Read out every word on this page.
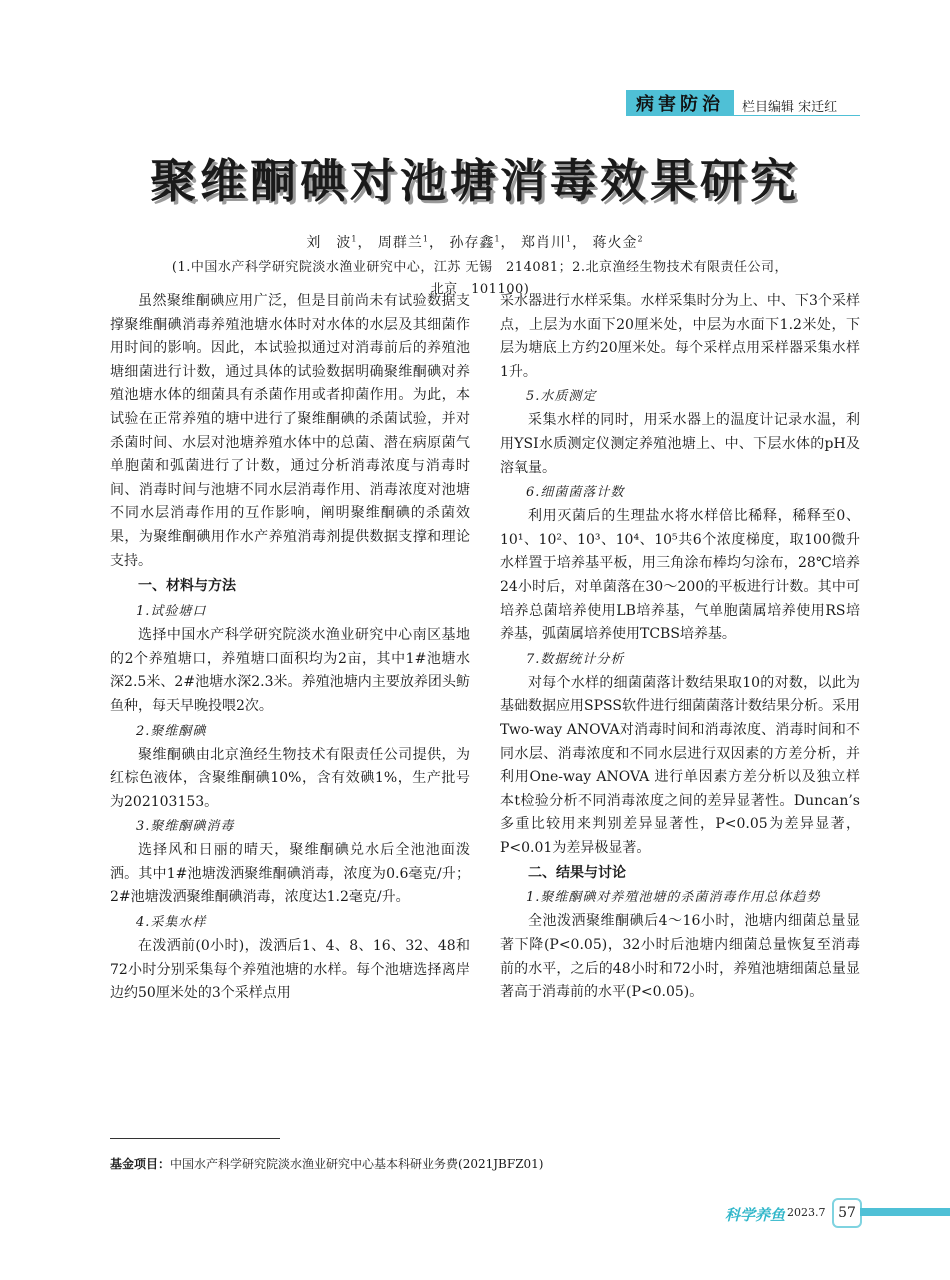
病害防治	栏目编辑 宋迁红
聚维酮碘对池塘消毒效果研究
刘　波$^1$， 周群兰$^1$， 孙存鑫$^1$， 郑肖川$^1$， 蒋火金$^2$
(1.中国水产科学研究院淡水渔业研究中心，江苏 无锡　214081；2.北京渔经生物技术有限责任公司，
北京　101100)

虽然聚维酮碘应用广泛，但是目前尚未有试验数据支撑聚维酮碘消毒养殖池塘水体时对水体的水层及其细菌作用时间的影响。因此，本试验拟通过对消毒前后的养殖池塘细菌进行计数，通过具体的试验数据明确聚维酮碘对养殖池塘水体的细菌具有杀菌作用或者抑菌作用。为此，本试验在正常养殖的塘中进行了聚维酮碘的杀菌试验，并对杀菌时间、水层对池塘养殖水体中的总菌、潜在病原菌气单胞菌和弧菌进行了计数，通过分析消毒浓度与消毒时间、消毒时间与池塘不同水层消毒作用、消毒浓度对池塘不同水层消毒作用的互作影响，阐明聚维酮碘的杀菌效果，为聚维酮碘用作水产养殖消毒剂提供数据支撑和理论支持。

一、材料与方法
1.试验塘口

选择中国水产科学研究院淡水渔业研究中心南区基地的2个养殖塘口，养殖塘口面积均为2亩，其中1#池塘水深2.5米、2#池塘水深2.3米。养殖池塘内主要放养团头鲂鱼种，每天早晚投喂2次。

2.聚维酮碘

聚维酮碘由北京渔经生物技术有限责任公司提供，为红棕色液体，含聚维酮碘10%，含有效碘1%，生产批号为202103153。

3.聚维酮碘消毒

选择风和日丽的晴天，聚维酮碘兑水后全池池面泼洒。其中1#池塘泼洒聚维酮碘消毒，浓度为0.6毫克/升；2#池塘泼洒聚维酮碘消毒，浓度达1.2毫克/升。

4.采集水样

在泼洒前(0小时)，泼洒后1、4、8、16、32、48和72小时分别采集每个养殖池塘的水样。每个池塘选择离岸边约50厘米处的3个采样点用

采水器进行水样采集。水样采集时分为上、中、下3个采样点，上层为水面下20厘米处，中层为水面下1.2米处，下层为塘底上方约20厘米处。每个采样点用采样器采集水样1升。

5.水质测定

采集水样的同时，用采水器上的温度计记录水温，利用YSI水质测定仪测定养殖池塘上、中、下层水体的pH及溶氧量。

6.细菌菌落计数

利用灭菌后的生理盐水将水样倍比稀释，稀释至0、10¹、10²、10³、10⁴、10⁵共6个浓度梯度，取100微升水样置于培养基平板，用三角涂布棒均匀涂布，28℃培养24小时后，对单菌落在30～200的平板进行计数。其中可培养总菌培养使用LB培养基，气单胞菌属培养使用RS培养基，弧菌属培养使用TCBS培养基。

7.数据统计分析

对每个水样的细菌菌落计数结果取10的对数，以此为基础数据应用SPSS软件进行细菌菌落计数结果分析。采用Two-way ANOVA对消毒时间和消毒浓度、消毒时间和不同水层、消毒浓度和不同水层进行双因素的方差分析，并利用One-way ANOVA 进行单因素方差分析以及独立样本t检验分析不同消毒浓度之间的差异显著性。Duncan’s多重比较用来判别差异显著性，P<0.05为差异显著，P<0.01为差异极显著。

二、结果与讨论
1.聚维酮碘对养殖池塘的杀菌消毒作用总体趋势

全池泼洒聚维酮碘后4～16小时，池塘内细菌总量显著下降(P<0.05)，32小时后池塘内细菌总量恢复至消毒前的水平，之后的48小时和72小时，养殖池塘细菌总量显著高于消毒前的水平(P<0.05)。

基金项目：中国水产科学研究院淡水渔业研究中心基本科研业务费(2021JBFZ01)
科学养鱼 2023.7 57
